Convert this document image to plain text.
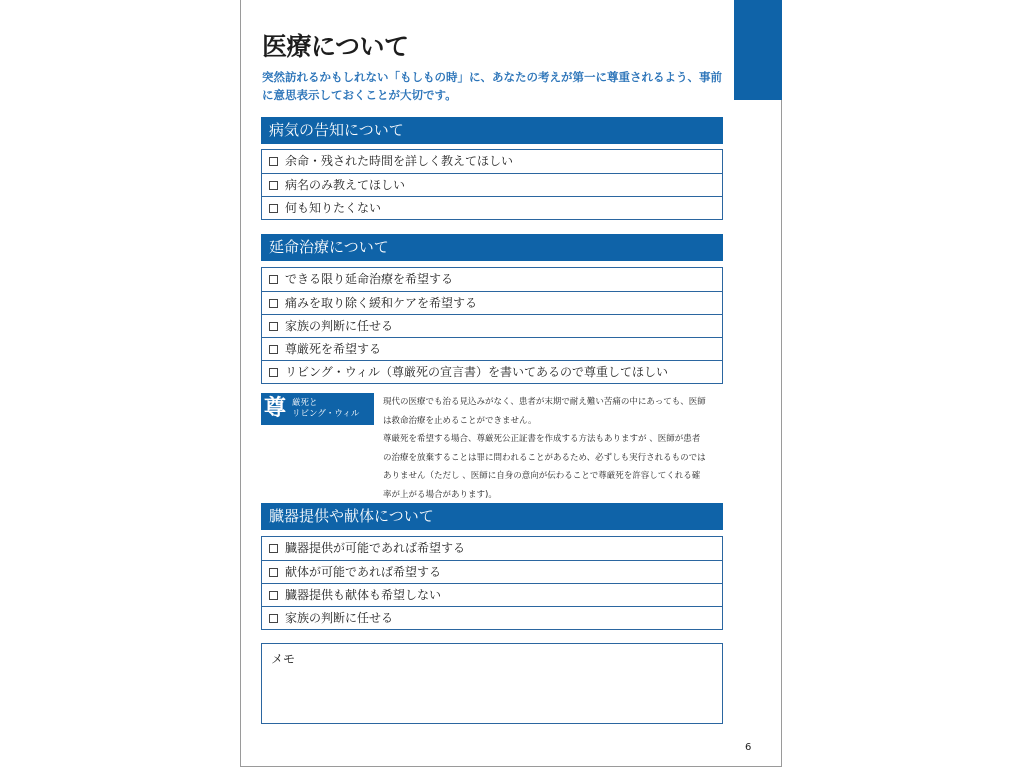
医療について
突然訪れるかもしれない「もしもの時」に、あなたの考えが第一に尊重されるよう、事前に意思表示しておくことが大切です。
病気の告知について
余命・残された時間を詳しく教えてほしい
病名のみ教えてほしい
何も知りたくない
延命治療について
できる限り延命治療を希望する
痛みを取り除く緩和ケアを希望する
家族の判断に任せる
尊厳死を希望する
リビング・ウィル（尊厳死の宣言書）を書いてあるので尊重してほしい
尊 厳死と
リビング・ウィル

現代の医療でも治る見込みがなく、患者が末期で耐え難い苦痛の中にあっても、医師は救命治療を止めることができません。

尊厳死を希望する場合、尊厳死公正証書を作成する方法もありますが 、医師が患者の治療を放棄することは罪に問われることがあるため、必ずしも実行されるものではありません（ただし 、医師に自身の意向が伝わることで尊厳死を許容してくれる確率が上がる場合があります)。

臓器提供や献体について
臓器提供が可能であれば希望する
献体が可能であれば希望する
臓器提供も献体も希望しない
家族の判断に任せる
メモ
6
